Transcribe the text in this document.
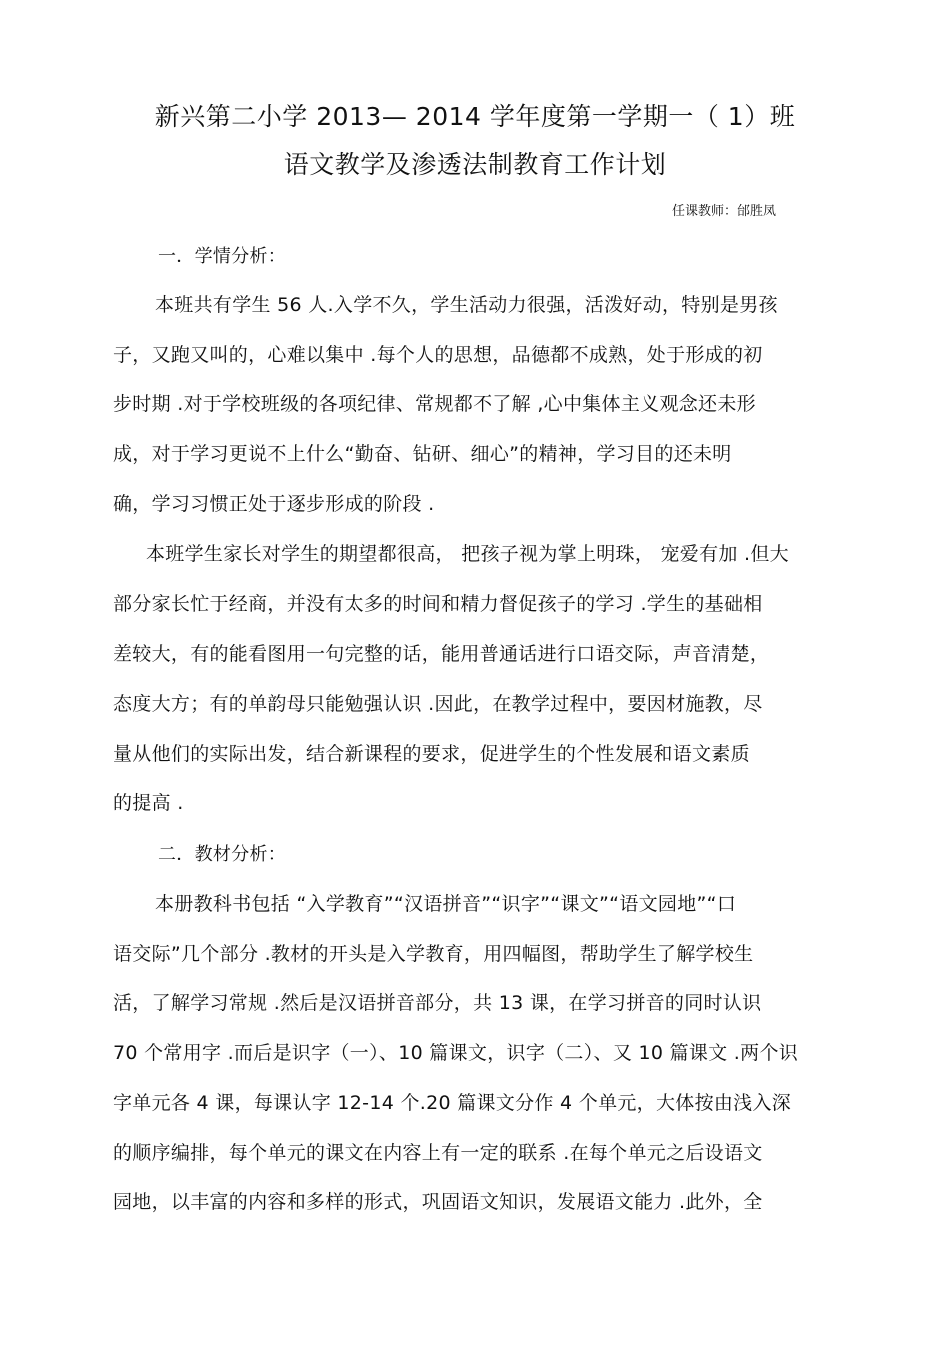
新兴第二小学 2013— 2014 学年度第一学期一（ 1）班
语文教学及渗透法制教育工作计划
任课教师：邰胜凤
一．学情分析：
本班共有学生 56 人.入学不久，学生活动力很强，活泼好动，特别是男孩
子，又跑又叫的，心难以集中 .每个人的思想，品德都不成熟，处于形成的初
步时期 .对于学校班级的各项纪律、常规都不了解 ,心中集体主义观念还未形
成，对于学习更说不上什么“勤奋、钻研、细心”的精神，学习目的还未明
确，学习习惯正处于逐步形成的阶段 .
本班学生家长对学生的期望都很高， 把孩子视为掌上明珠， 宠爱有加 .但大
部分家长忙于经商，并没有太多的时间和精力督促孩子的学习 .学生的基础相
差较大，有的能看图用一句完整的话，能用普通话进行口语交际，声音清楚，
态度大方；有的单韵母只能勉强认识 .因此，在教学过程中，要因材施教，尽
量从他们的实际出发，结合新课程的要求，促进学生的个性发展和语文素质
的提高 .
二．教材分析：
本册教科书包括 “入学教育”“汉语拼音”“识字”“课文”“语文园地”“口
语交际”几个部分 .教材的开头是入学教育，用四幅图，帮助学生了解学校生
活，了解学习常规 .然后是汉语拼音部分，共 13 课，在学习拼音的同时认识
70 个常用字 .而后是识字（一）、10 篇课文，识字（二）、又 10 篇课文 .两个识
字单元各 4 课，每课认字 12-14 个.20 篇课文分作 4 个单元，大体按由浅入深
的顺序编排，每个单元的课文在内容上有一定的联系 .在每个单元之后设语文
园地，以丰富的内容和多样的形式，巩固语文知识，发展语文能力 .此外，全
